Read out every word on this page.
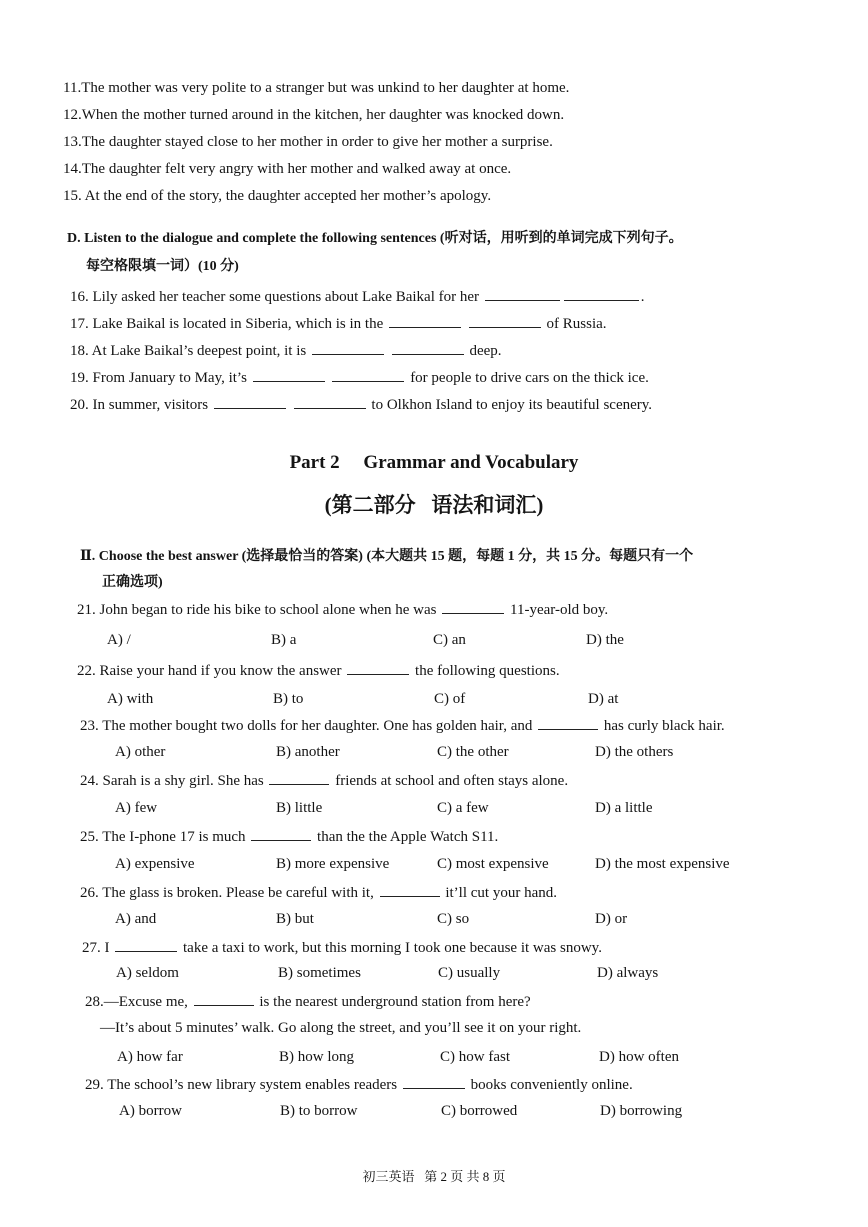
11.The mother was very polite to a stranger but was unkind to her daughter at home.
12.When the mother turned around in the kitchen, her daughter was knocked down.
13.The daughter stayed close to her mother in order to give her mother a surprise.
14.The daughter felt very angry with her mother and walked away at once.
15. At the end of the story, the daughter accepted her mother’s apology.
D. Listen to the dialogue and complete the following sentences (听对话，用听到的单词完成下列句子。
每空格限填一词）(10 分)
16. Lily asked her teacher some questions about Lake Baikal for her	.
17. Lake Baikal is located in Siberia, which is in the	of Russia.
18. At Lake Baikal’s deepest point, it is	deep.
19. From January to May, it’s	for people to drive cars on the thick ice.
20. In summer, visitors	to Olkhon Island to enjoy its beautiful scenery.
Part 2     Grammar and Vocabulary
(第二部分   语法和词汇)
Ⅱ. Choose the best answer (选择最恰当的答案) (本大题共 15 题，每题 1 分，共 15 分。每题只有一个
正确选项)
21. John began to ride his bike to school alone when he was	11-year-old boy.
A) /	B) a	C) an	D) the
22. Raise your hand if you know the answer	the following questions.
A) with	B) to	C) of	D) at
23. The mother bought two dolls for her daughter. One has golden hair, and	has curly black hair.
A) other	B) another	C) the other	D) the others
24. Sarah is a shy girl. She has	friends at school and often stays alone.
A) few	B) little	C) a few	D) a little
25. The I-phone 17 is much	than the the Apple Watch S11.
A) expensive	B) more expensive	C) most expensive	D) the most expensive
26. The glass is broken. Please be careful with it,	it’ll cut your hand.
A) and	B) but	C) so	D) or
27. I	take a taxi to work, but this morning I took one because it was snowy.
A) seldom	B) sometimes	C) usually	D) always
28.—Excuse me,	is the nearest underground station from here?
—It’s about 5 minutes’ walk. Go along the street, and you’ll see it on your right.
A) how far	B) how long	C) how fast	D) how often
29. The school’s new library system enables readers	books conveniently online.
A) borrow	B) to borrow	C) borrowed	D) borrowing
初三英语   第 2 页 共 8 页
